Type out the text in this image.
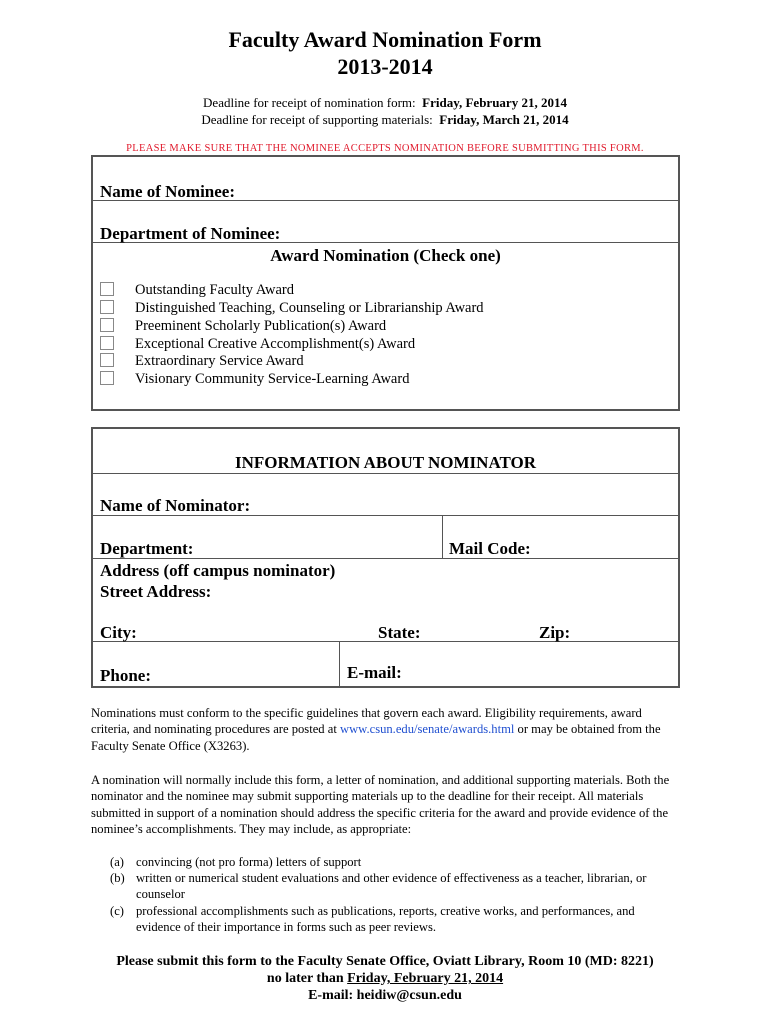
Faculty Award Nomination Form
2013-2014
Deadline for receipt of nomination form: Friday, February 21, 2014
Deadline for receipt of supporting materials: Friday, March 21, 2014
PLEASE MAKE SURE THAT THE NOMINEE ACCEPTS NOMINATION BEFORE SUBMITTING THIS FORM.
Name of Nominee:
Department of Nominee:
Award Nomination (Check one)
Outstanding Faculty Award
Distinguished Teaching, Counseling or Librarianship Award
Preeminent Scholarly Publication(s) Award
Exceptional Creative Accomplishment(s) Award
Extraordinary Service Award
Visionary Community Service-Learning Award
INFORMATION ABOUT NOMINATOR
Name of Nominator:
Department:	Mail Code:
Address (off campus nominator)
Street Address:
City:	State:	Zip:
Phone:	E-mail:
Nominations must conform to the specific guidelines that govern each award. Eligibility requirements, award criteria, and nominating procedures are posted at www.csun.edu/senate/awards.html or may be obtained from the Faculty Senate Office (X3263).
A nomination will normally include this form, a letter of nomination, and additional supporting materials. Both the nominator and the nominee may submit supporting materials up to the deadline for their receipt. All materials submitted in support of a nomination should address the specific criteria for the award and provide evidence of the nominee’s accomplishments. They may include, as appropriate:
(a) convincing (not pro forma) letters of support
(b) written or numerical student evaluations and other evidence of effectiveness as a teacher, librarian, or counselor
(c) professional accomplishments such as publications, reports, creative works, and performances, and evidence of their importance in forms such as peer reviews.
Please submit this form to the Faculty Senate Office, Oviatt Library, Room 10 (MD: 8221)
no later than Friday, February 21, 2014
E-mail: heidiw@csun.edu
